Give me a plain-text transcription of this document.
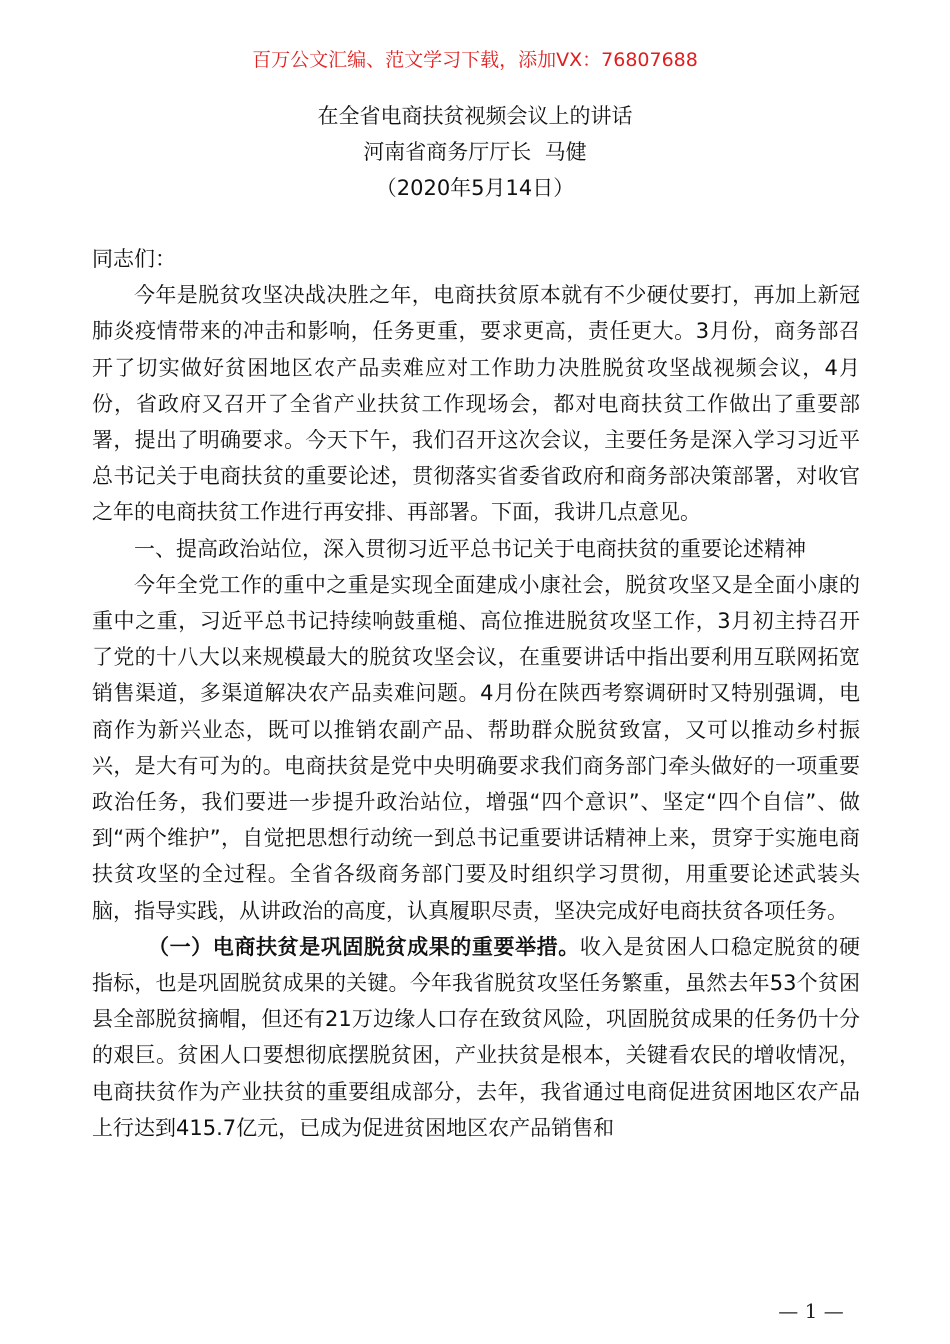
百万公文汇编、范文学习下载，添加VX：76807688
在全省电商扶贫视频会议上的讲话
河南省商务厅厅长  马健
（2020年5月14日）

同志们：

今年是脱贫攻坚决战决胜之年，电商扶贫原本就有不少硬仗要打，再加上新冠肺炎疫情带来的冲击和影响，任务更重，要求更高，责任更大。3月份，商务部召开了切实做好贫困地区农产品卖难应对工作助力决胜脱贫攻坚战视频会议，4月份，省政府又召开了全省产业扶贫工作现场会，都对电商扶贫工作做出了重要部署，提出了明确要求。今天下午，我们召开这次会议，主要任务是深入学习习近平总书记关于电商扶贫的重要论述，贯彻落实省委省政府和商务部决策部署，对收官之年的电商扶贫工作进行再安排、再部署。下面，我讲几点意见。

一、提高政治站位，深入贯彻习近平总书记关于电商扶贫的重要论述精神

今年全党工作的重中之重是实现全面建成小康社会，脱贫攻坚又是全面小康的重中之重，习近平总书记持续响鼓重槌、高位推进脱贫攻坚工作，3月初主持召开了党的十八大以来规模最大的脱贫攻坚会议，在重要讲话中指出要利用互联网拓宽销售渠道，多渠道解决农产品卖难问题。4月份在陕西考察调研时又特别强调，电商作为新兴业态，既可以推销农副产品、帮助群众脱贫致富，又可以推动乡村振兴，是大有可为的。电商扶贫是党中央明确要求我们商务部门牵头做好的一项重要政治任务，我们要进一步提升政治站位，增强“四个意识”、坚定“四个自信”、做到“两个维护”，自觉把思想行动统一到总书记重要讲话精神上来，贯穿于实施电商扶贫攻坚的全过程。全省各级商务部门要及时组织学习贯彻，用重要论述武装头脑，指导实践，从讲政治的高度，认真履职尽责，坚决完成好电商扶贫各项任务。

（一）电商扶贫是巩固脱贫成果的重要举措。收入是贫困人口稳定脱贫的硬指标，也是巩固脱贫成果的关键。今年我省脱贫攻坚任务繁重，虽然去年53个贫困县全部脱贫摘帽，但还有21万边缘人口存在致贫风险，巩固脱贫成果的任务仍十分的艰巨。贫困人口要想彻底摆脱贫困，产业扶贫是根本，关键看农民的增收情况，电商扶贫作为产业扶贫的重要组成部分，去年，我省通过电商促进贫困地区农产品上行达到415.7亿元，已成为促进贫困地区农产品销售和

— 1 —
